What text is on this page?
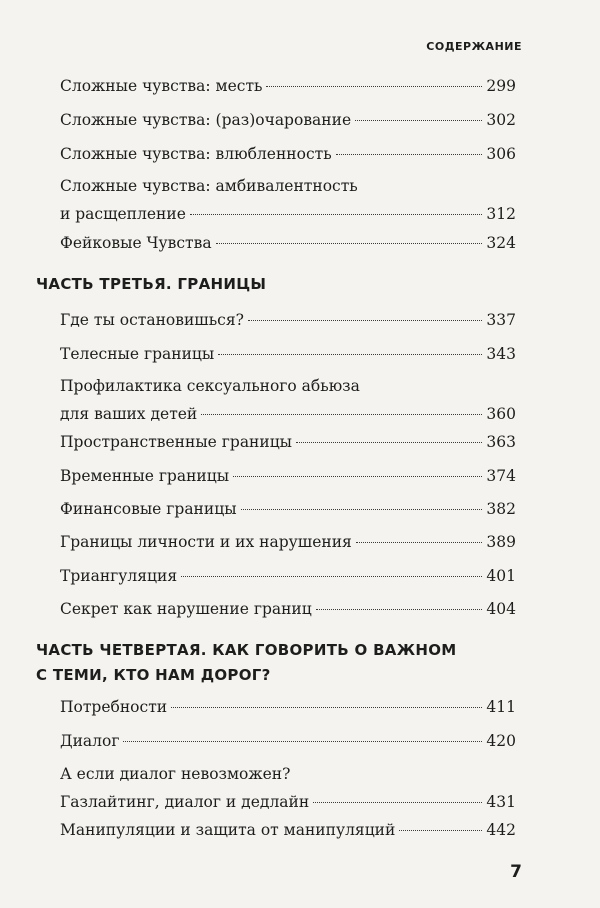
СОДЕРЖАНИЕ
Сложные чувства: месть	299
Сложные чувства: (раз)очарование	302
Сложные чувства: влюбленность	306
Сложные чувства: амбивалентность
и расщепление	312
Фейковые Чувства	324
ЧАСТЬ ТРЕТЬЯ. ГРАНИЦЫ
Где ты остановишься?	337
Телесные границы	343
Профилактика сексуального абьюза
для ваших детей	360
Пространственные границы	363
Временные границы	374
Финансовые границы	382
Границы личности и их нарушения	389
Триангуляция	401
Секрет как нарушение границ	404
ЧАСТЬ ЧЕТВЕРТАЯ. КАК ГОВОРИТЬ О ВАЖНОМ
С ТЕМИ, КТО НАМ ДОРОГ?
Потребности	411
Диалог	420
А если диалог невозможен?
Газлайтинг, диалог и дедлайн	431
Манипуляции и защита от манипуляций	442
7
